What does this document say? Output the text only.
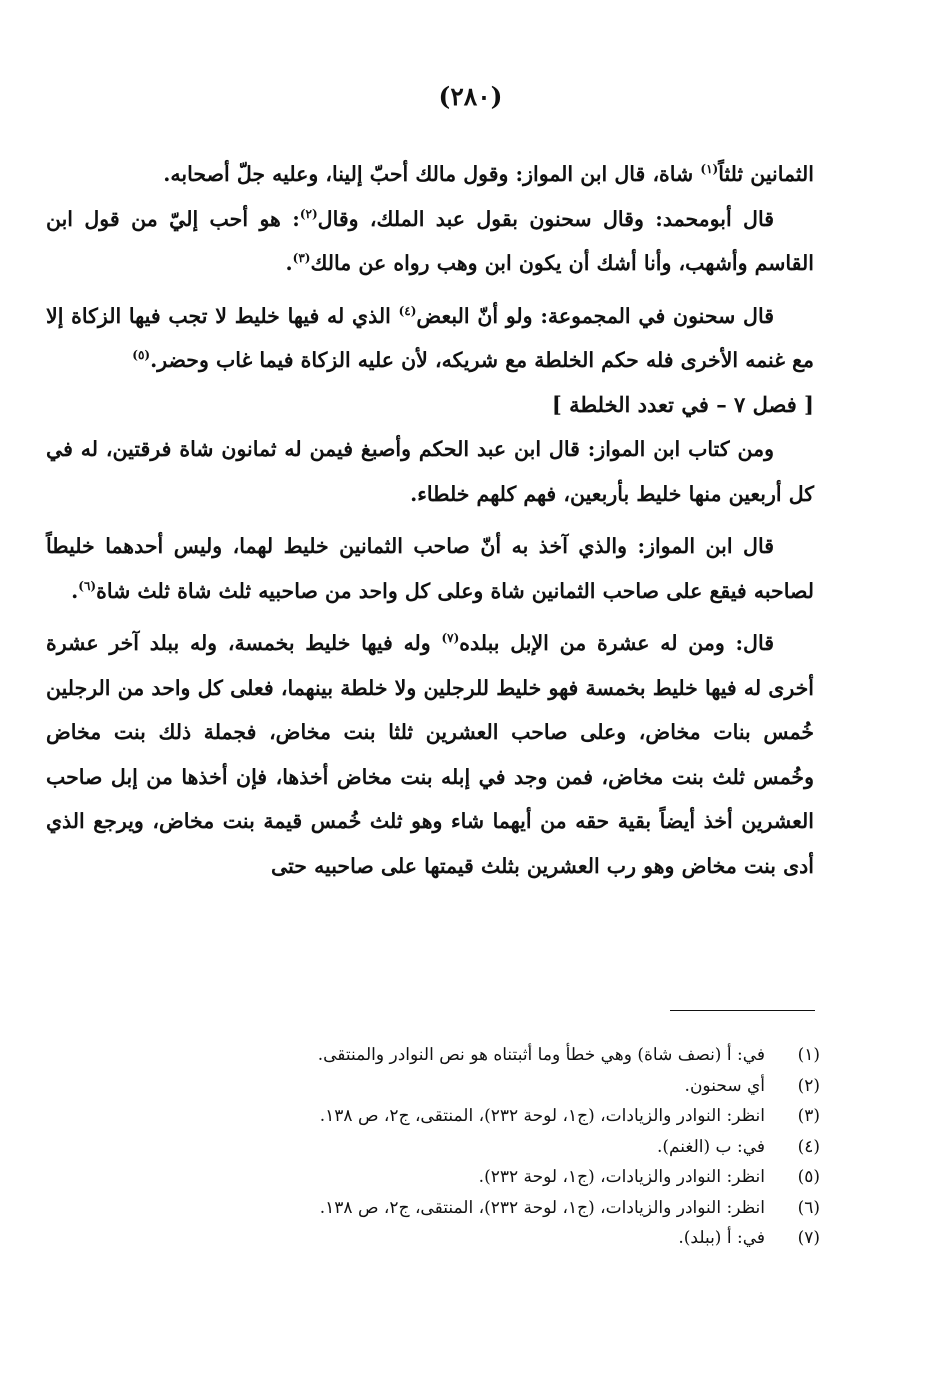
(٢٨٠)

الثمانين ثلثاً$^{(١)}$ شاة، قال ابن المواز: وقول مالك أحبّ إلينا، وعليه جلّ أصحابه.

قال أبومحمد: وقال سحنون بقول عبد الملك، وقال$^{(٢)}$: هو أحب إليّ من قول ابن القاسم وأشهب، وأنا أشك أن يكون ابن وهب رواه عن مالك$^{(٣)}$.

قال سحنون في المجموعة: ولو أنّ البعض$^{(٤)}$ الذي له فيها خليط لا تجب فيها الزكاة إلا مع غنمه الأخرى فله حكم الخلطة مع شريكه، لأن عليه الزكاة فيما غاب وحضر.$^{(٥)}$

[ فصل ٧ – في تعدد الخلطة ]

ومن كتاب ابن المواز: قال ابن عبد الحكم وأصبغ فيمن له ثمانون شاة فرقتين، له في كل أربعين منها خليط بأربعين، فهم كلهم خلطاء.

قال ابن المواز: والذي آخذ به أنّ صاحب الثمانين خليط لهما، وليس أحدهما خليطاً لصاحبه فيقع على صاحب الثمانين شاة وعلى كل واحد من صاحبيه ثلث شاة ثلث شاة$^{(٦)}$.

قال: ومن له عشرة من الإبل ببلده$^{(٧)}$ وله فيها خليط بخمسة، وله ببلد آخر عشرة أخرى له فيها خليط بخمسة فهو خليط للرجلين ولا خلطة بينهما، فعلى كل واحد من الرجلين خُمس بنات مخاض، وعلى صاحب العشرين ثلثا بنت مخاض، فجملة ذلك بنت مخاض وخُمس ثلث بنت مخاض، فمن وجد في إبله بنت مخاض أخذها، فإن أخذها من إبل صاحب العشرين أخذ أيضاً بقية حقه من أيهما شاء وهو ثلث خُمس قيمة بنت مخاض، ويرجع الذي أدى بنت مخاض وهو رب العشرين بثلث قيمتها على صاحبيه حتى

(١)
في: أ (نصف شاة) وهي خطأ وما أثبتناه هو نص النوادر والمنتقى.
(٢)
أي سحنون.
(٣)
انظر: النوادر والزيادات، (ج١، لوحة ٢٣٢)، المنتقى، ج٢، ص ١٣٨.
(٤)
في: ب (الغنم).
(٥)
انظر: النوادر والزيادات، (ج١، لوحة ٢٣٢).
(٦)
انظر: النوادر والزيادات، (ج١، لوحة ٢٣٢)، المنتقى، ج٢، ص ١٣٨.
(٧)
في: أ (ببلد).
